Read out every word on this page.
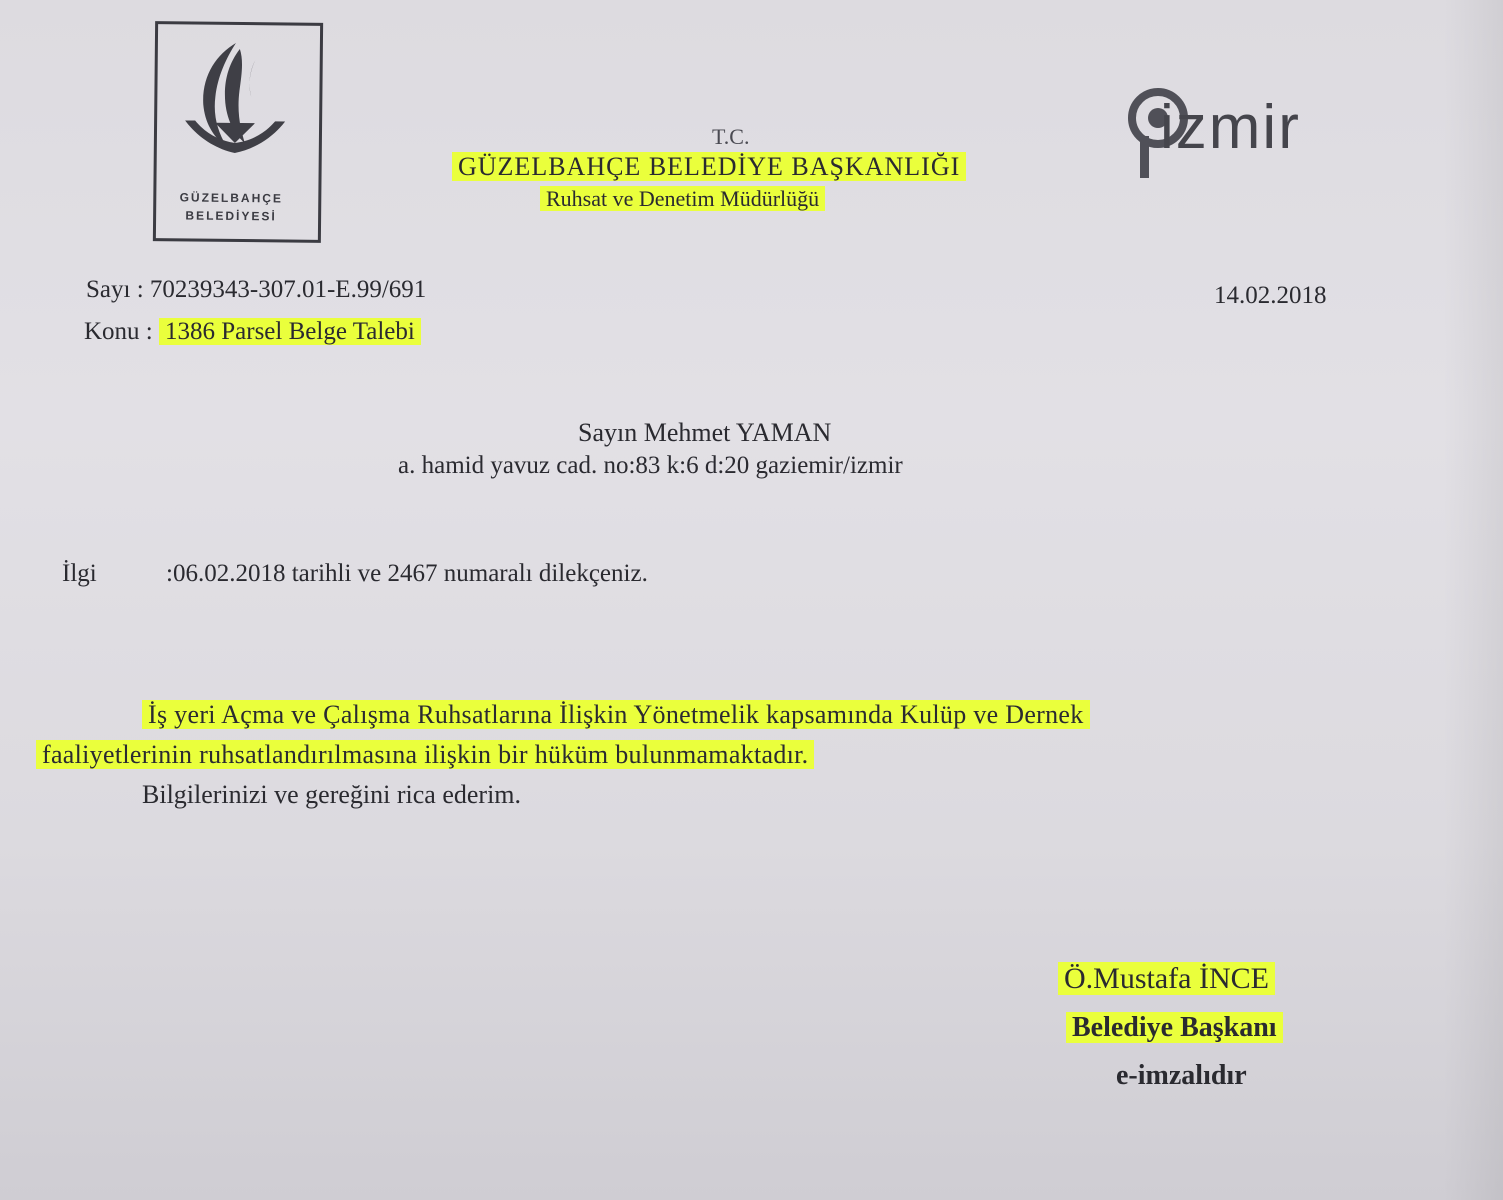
GÜZELBAHÇE
BELEDİYESİ
izmir
T.C.
GÜZELBAHÇE BELEDİYE BAŞKANLIĞI
Ruhsat ve Denetim Müdürlüğü
Sayı : 70239343-307.01-E.99/691
Konu : 1386 Parsel Belge Talebi
14.02.2018
Sayın Mehmet YAMAN
a. hamid yavuz cad. no:83 k:6 d:20 gaziemir/izmir
İlgi	:06.02.2018 tarihli ve 2467 numaralı dilekçeniz.
İş yeri Açma ve Çalışma Ruhsatlarına İlişkin Yönetmelik kapsamında Kulüp ve Dernek
faaliyetlerinin ruhsatlandırılmasına ilişkin bir hüküm bulunmamaktadır.
Bilgilerinizi ve gereğini rica ederim.
Ö.Mustafa İNCE
Belediye Başkanı
e-imzalıdır
